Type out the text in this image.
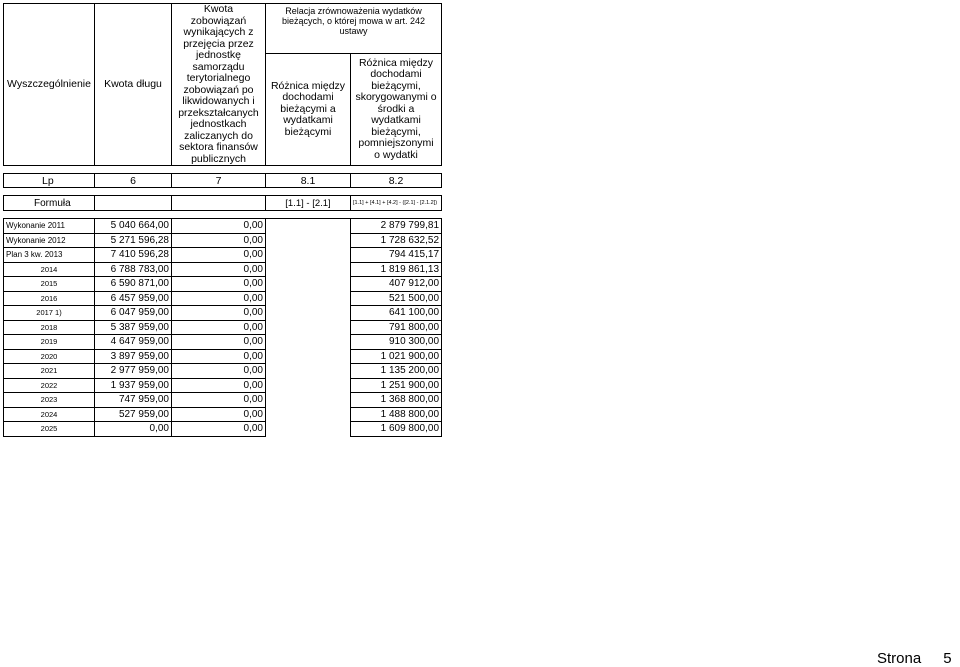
Wyszczególnienie	Kwota długu	Kwota zobowiązań wynikających z przejęcia przez jednostkę samorządu terytorialnego zobowiązań po likwidowanych i przekształcanych jednostkach zaliczanych do sektora finansów publicznych	Relacja zrównoważenia wydatków bieżących, o której mowa w art. 242 ustawy	

			Różnica między dochodami bieżącymi a wydatkami bieżącymi	Różnica między dochodami bieżącymi, skorygowanymi o środki a wydatkami bieżącymi, pomniejszonymi o wydatki

Lp	6	7	8.1	8.2

Formuła			[1.1] - [2.1]	[1.1] + [4.1] + [4.2] - ([2.1] - [2.1.2])

Wykonanie 2011	5 040 664,00	0,00		2 879 799,81
Wykonanie 2012	5 271 596,28	0,00		1 728 632,52
Plan 3 kw. 2013	7 410 596,28	0,00		794 415,17
2014	6 788 783,00	0,00		1 819 861,13
2015	6 590 871,00	0,00		407 912,00
2016	6 457 959,00	0,00		521 500,00
2017 1)	6 047 959,00	0,00		641 100,00
2018	5 387 959,00	0,00		791 800,00
2019	4 647 959,00	0,00		910 300,00
2020	3 897 959,00	0,00		1 021 900,00
2021	2 977 959,00	0,00		1 135 200,00
2022	1 937 959,00	0,00		1 251 900,00
2023	747 959,00	0,00		1 368 800,00
2024	527 959,00	0,00		1 488 800,00
2025	0,00	0,00		1 609 800,00
Strona 5
